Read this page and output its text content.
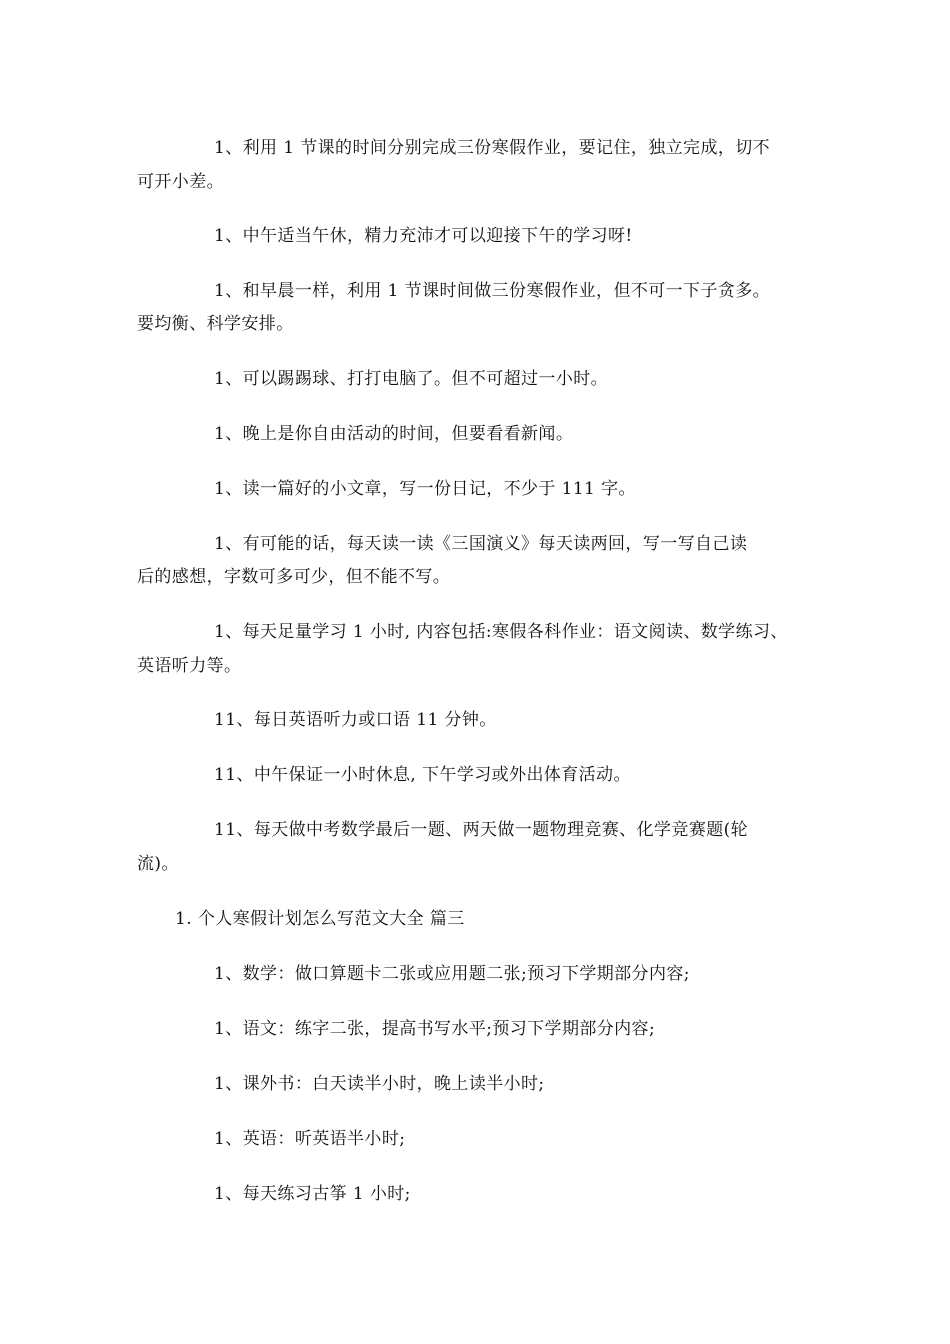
1、利用 1 节课的时间分别完成三份寒假作业，要记住，独立完成，切不
可开小差。
1、中午适当午休，精力充沛才可以迎接下午的学习呀!
1、和早晨一样，利用 1 节课时间做三份寒假作业，但不可一下子贪多。
要均衡、科学安排。
1、可以踢踢球、打打电脑了。但不可超过一小时。
1、晚上是你自由活动的时间，但要看看新闻。
1、读一篇好的小文章，写一份日记，不少于 111 字。
1、有可能的话，每天读一读《三国演义》每天读两回，写一写自己读
后的感想，字数可多可少，但不能不写。
1、每天足量学习 1 小时, 内容包括:寒假各科作业：语文阅读、数学练习、
英语听力等。
11、每日英语听力或口语 11 分钟。
11、中午保证一小时休息, 下午学习或外出体育活动。
11、每天做中考数学最后一题、两天做一题物理竞赛、化学竞赛题(轮
流)。
1. 个人寒假计划怎么写范文大全 篇三
1、数学：做口算题卡二张或应用题二张;预习下学期部分内容;
1、语文：练字二张，提高书写水平;预习下学期部分内容;
1、课外书：白天读半小时，晚上读半小时;
1、英语：听英语半小时;
1、每天练习古筝 1 小时;
